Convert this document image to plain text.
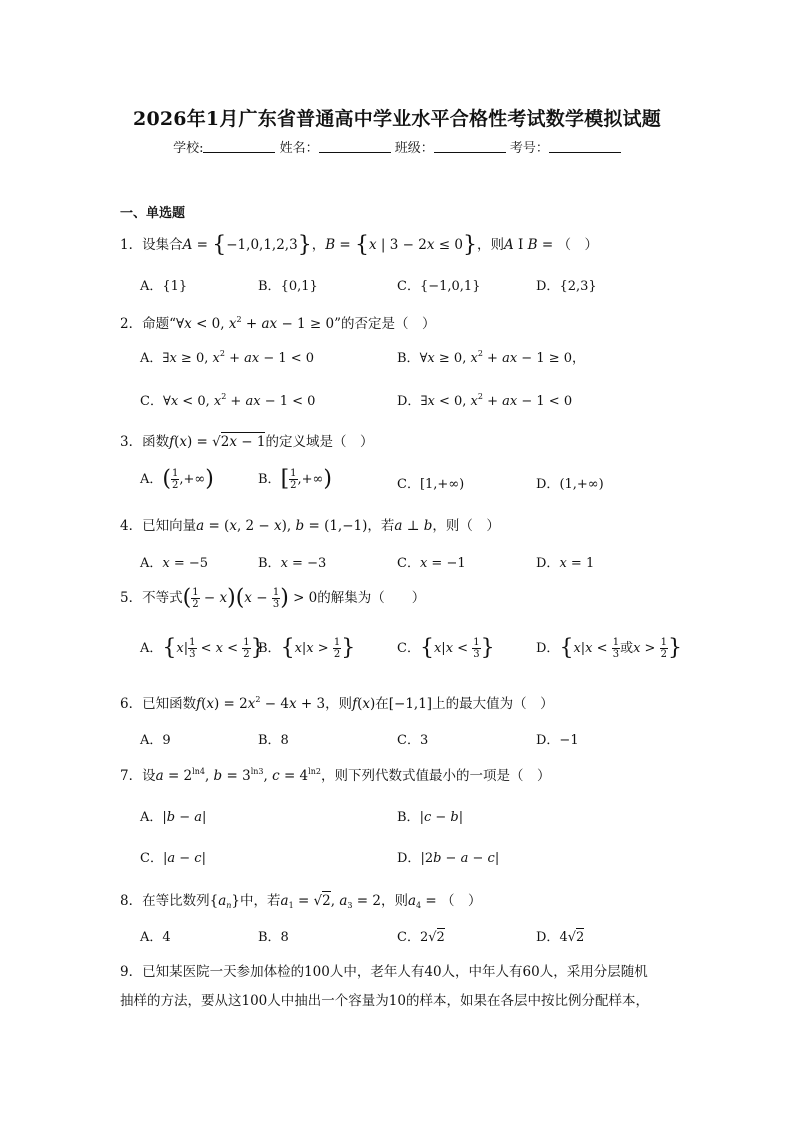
2026年1月广东省普通高中学业水平合格性考试数学模拟试题
学校:	姓名：	班级：	考号：
一、单选题
1．设集合A = {−1,0,1,2,3}，B = {x | 3 − 2x ≤ 0}，则A I B = （　）
A．{1}	B．{0,1}	C．{−1,0,1}	D．{2,3}
2．命题“∀x < 0, $x^2$ + ax − 1 ≥ 0”的否定是（　）
A．∃x ≥ 0, $x^2$ + ax − 1 < 0	B．∀x ≥ 0, $x^2$ + ax − 1 ≥ 0，
C．∀x < 0, $x^2$ + ax − 1 < 0	D．∃x < 0, $x^2$ + ax − 1 < 0
3．函数f(x) = √2x − 1的定义域是（　）
A．( $\frac{1}{2}$ ,+∞)	B．[ $\frac{1}{2}$ ,+∞)	C．[1,+∞)	D．(1,+∞)
4．已知向量a = (x, 2 − x), b = (1,−1)，若a ⊥ b，则（　）
A．x = −5	B．x = −3	C．x = −1	D．x = 1
5．不等式( $\frac{1}{2} - x)(x - \frac{1}{3}$ ) > 0的解集为（　　）
A．{$x| \frac{1}{3} < x < \frac{1}{2}$ }
B．{$x|x > \frac{1}{2}$ }	C．{$x|x < \frac{1}{3}$ }	D．{$x|x < \frac{1}{3}$ 或$x > \frac{1}{2}$ }
6．已知函数$f(x) = 2x^2 - 4x + 3$，则f(x)在[−1,1]上的最大值为（　）
A．9	B．8	C．3	D．−1
7．设$a = 2^{ln4}$, $b = 3^{ln3}$, $c = 4^{ln2}$，则下列代数式值最小的一项是（　）
A．|b − a|	B．|c − b|
C．|a − c|	D．|2b − a − c|
8．在等比数列$\{a_n\}$中，若$a_1 = √2$, $a_3 = 2$，则$a_4$ = （　）
A．4	B．8	C．2√2	D．4√2
9．已知某医院一天参加体检的100人中，老年人有40人，中年人有60人，采用分层随机
抽样的方法，要从这100人中抽出一个容量为10的样本，如果在各层中按比例分配样本，
